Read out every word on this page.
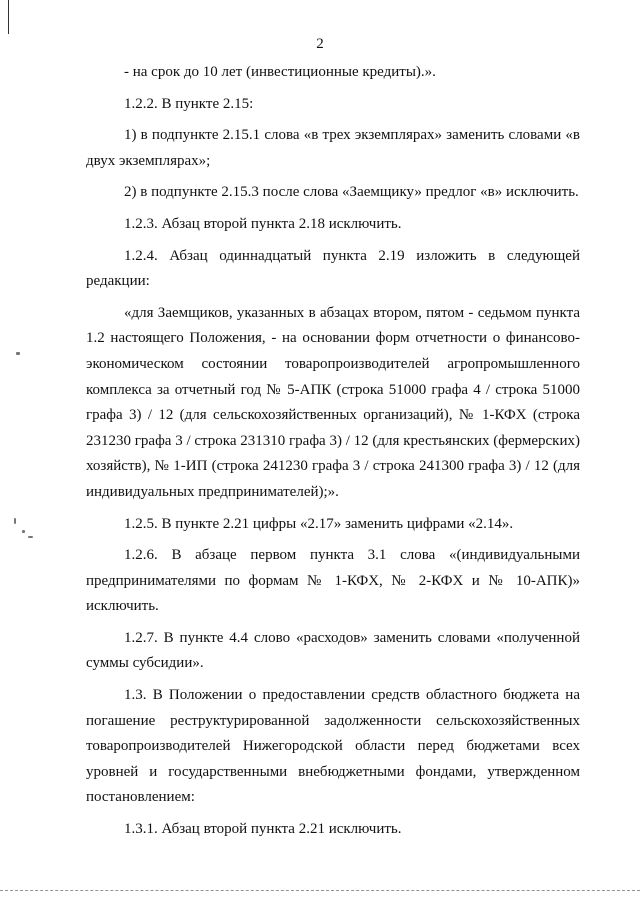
2

- на срок до 10 лет (инвестиционные кредиты).».

1.2.2. В пункте 2.15:

1) в подпункте 2.15.1 слова «в трех экземплярах» заменить словами «в двух экземплярах»;

2) в подпункте 2.15.3 после слова «Заемщику» предлог «в» исключить.

1.2.3. Абзац второй пункта 2.18 исключить.

1.2.4. Абзац одиннадцатый пункта 2.19 изложить в следующей редакции:

«для Заемщиков, указанных в абзацах втором, пятом - седьмом пункта 1.2 настоящего Положения, - на основании форм отчетности о финансово-экономическом состоянии товаропроизводителей агропромышленного комплекса за отчетный год № 5-АПК (строка 51000 графа 4 / строка 51000 графа 3) / 12 (для сельскохозяйственных организаций), № 1-КФХ (строка 231230 графа 3 / строка 231310 графа 3) / 12 (для крестьянских (фермерских) хозяйств), № 1-ИП (строка 241230 графа 3 / строка 241300 графа 3) / 12 (для индивидуальных предпринимателей);».

1.2.5. В пункте 2.21 цифры «2.17» заменить цифрами «2.14».

1.2.6. В абзаце первом пункта 3.1 слова «(индивидуальными предпринимателями по формам № 1-КФХ, № 2-КФХ и № 10-АПК)» исключить.

1.2.7. В пункте 4.4 слово «расходов» заменить словами «полученной суммы субсидии».

1.3. В Положении о предоставлении средств областного бюджета на погашение реструктурированной задолженности сельскохозяйственных товаропроизводителей Нижегородской области перед бюджетами всех уровней и государственными внебюджетными фондами, утвержденном постановлением:

1.3.1. Абзац второй пункта 2.21 исключить.
